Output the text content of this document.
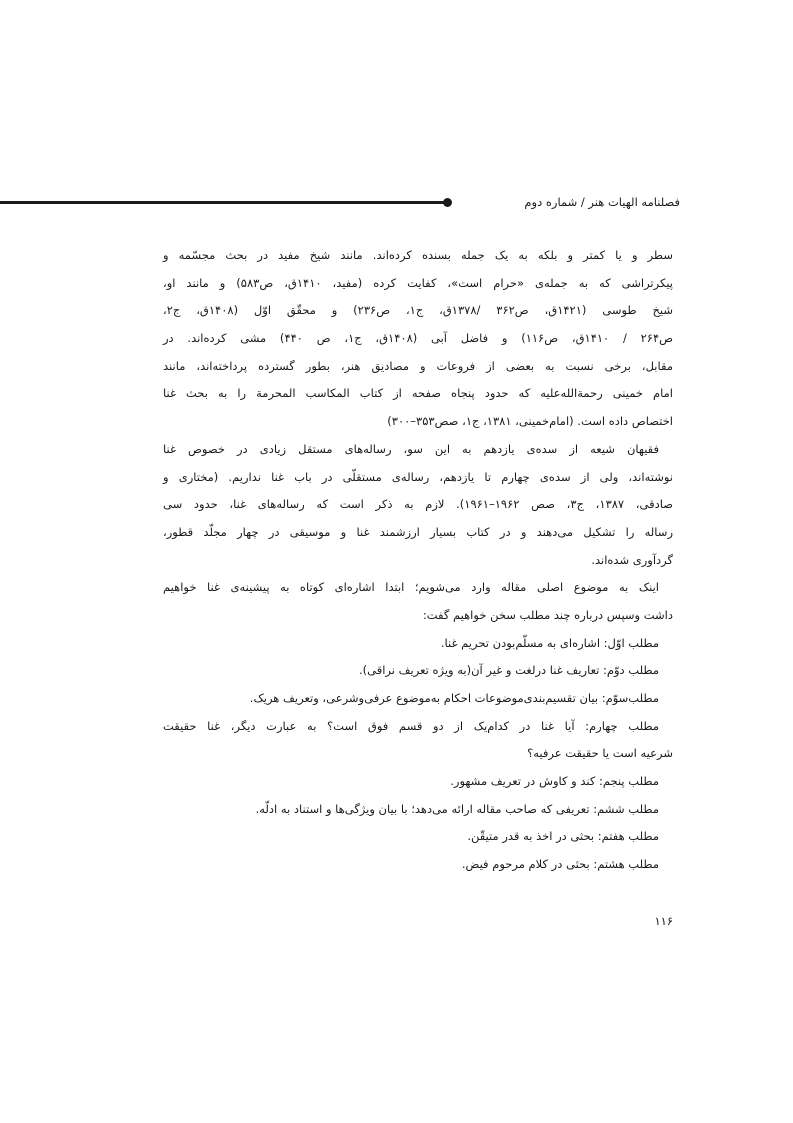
فصلنامه الهیات هنر / شماره دوم
سطر و یا کمتر و بلکه به یک جمله بسنده کرده‌اند. مانند شیخ مفید در بحث مجسّمه و
پیکرتراشی که به جمله‌ی «حرام است»، کفایت کرده (مفید، ۱۴۱۰ق، ص۵۸۳) و مانند او،
شیخ طوسی (۱۴۲۱ق، ص۳۶۲ /۱۳۷۸ق، ج۱، ص۲۳۶) و محقّق اوّل (۱۴۰۸ق، ج۲،
ص۲۶۴ / ۱۴۱۰ق، ص۱۱۶) و فاضل آبی (۱۴۰۸ق، ج۱، ص ۴۴۰) مشی کرده‌اند. در
مقابل، برخی نسبت به بعضی از فروعات و مصادیق هنر، بطور گسترده پرداخته‌اند، مانند
امام خمینی رحمةالله‌علیه که حدود پنجاه صفحه از کتاب المکاسب المحرمة را به بحث غنا
اختصاص داده است. (امام‌خمینی، ۱۳۸۱، ج۱، صص۳۵۳–۳۰۰)
فقیهان شیعه از سده‌ی یازدهم به این سو، رساله‌های مستقل زیادی در خصوص غنا
نوشته‌اند، ولی از سده‌ی چهارم تا یازدهم، رساله‌ی مستقلّی در باب غنا نداریم. (مختاری و
صادقی، ۱۳۸۷، ج۳، صص ۱۹۶۲–۱۹۶۱). لازم به ذکر است که رساله‌های غنا، حدود سی
رساله را تشکیل می‌دهند و در کتاب بسیار ارزشمند غنا و موسیقی در چهار مجلّد قطور،
گردآوری شده‌اند.
اینک به موضوع اصلی مقاله وارد می‌شویم؛ ابتدا اشاره‌ای کوتاه به پیشینه‌ی غنا خواهیم
داشت وسپس درباره چند مطلب سخن خواهیم گفت:
مطلب اوّل: اشاره‌ای به مسلّم‌بودن تحریم غنا.
مطلب دوّم: تعاریف غنا درلغت و غیر آن(به ویژه تعریف نراقی).
مطلب‌سوّم: بیان تقسیم‌بندی‌موضوعات احکام به‌موضوع عرفی‌وشرعی، وتعریف هریک.
مطلب چهارم: آیا غنا در کدام‌یک از دو قسم فوق است؟ به عبارت دیگر، غنا حقیقت
شرعیه است یا حقیقت عرفیه؟
مطلب پنجم: کند و کاوش در تعریف مشهور.
مطلب ششم: تعریفی که صاحب مقاله ارائه می‌دهد؛ با بیان ویژگی‌ها و استناد به ادلّه.
مطلب هفتم: بحثی در اخذ به قدر متیقّن.
مطلب هشتم: بحثی در کلام مرحوم فیض.
۱۱۶
